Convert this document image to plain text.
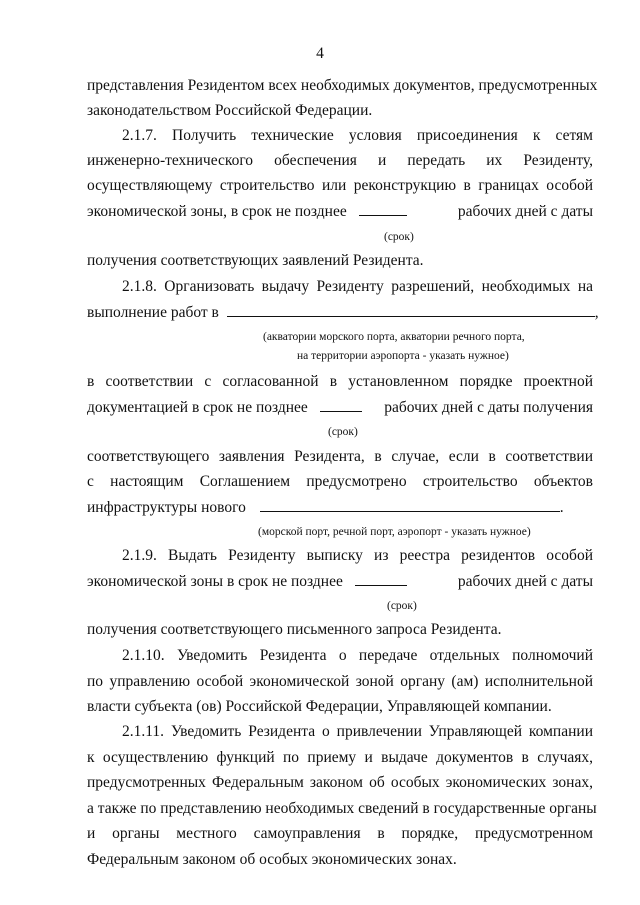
4
представления Резидентом всех необходимых документов, предусмотренных
законодательством Российской Федерации.
2.1.7. Получить технические условия присоединения к сетям
инженерно-технического обеспечения и передать их Резиденту,
осуществляющему строительство или реконструкцию в границах особой
экономической зоны, в срок не позднее	рабочих дней с даты
(срок)
получения соответствующих заявлений Резидента.
2.1.8. Организовать выдачу Резиденту разрешений, необходимых на
выполнение работ в	,
(акватории морского порта, акватории речного порта,
на территории аэропорта - указать нужное)
в соответствии с согласованной в установленном порядке проектной
документацией в срок не позднее	рабочих дней с даты получения
(срок)
соответствующего заявления Резидента, в случае, если в соответствии
с настоящим Соглашением предусмотрено строительство объектов
инфраструктуры нового	.
(морской порт, речной порт, аэропорт - указать нужное)
2.1.9. Выдать Резиденту выписку из реестра резидентов особой
экономической зоны в срок не позднее	рабочих дней с даты
(срок)
получения соответствующего письменного запроса Резидента.
2.1.10. Уведомить Резидента о передаче отдельных полномочий
по управлению особой экономической зоной органу (ам) исполнительной
власти субъекта (ов) Российской Федерации, Управляющей компании.
2.1.11. Уведомить Резидента о привлечении Управляющей компании
к осуществлению функций по приему и выдаче документов в случаях,
предусмотренных Федеральным законом об особых экономических зонах,
а также по представлению необходимых сведений в государственные органы
и органы местного самоуправления в порядке, предусмотренном
Федеральным законом об особых экономических зонах.
